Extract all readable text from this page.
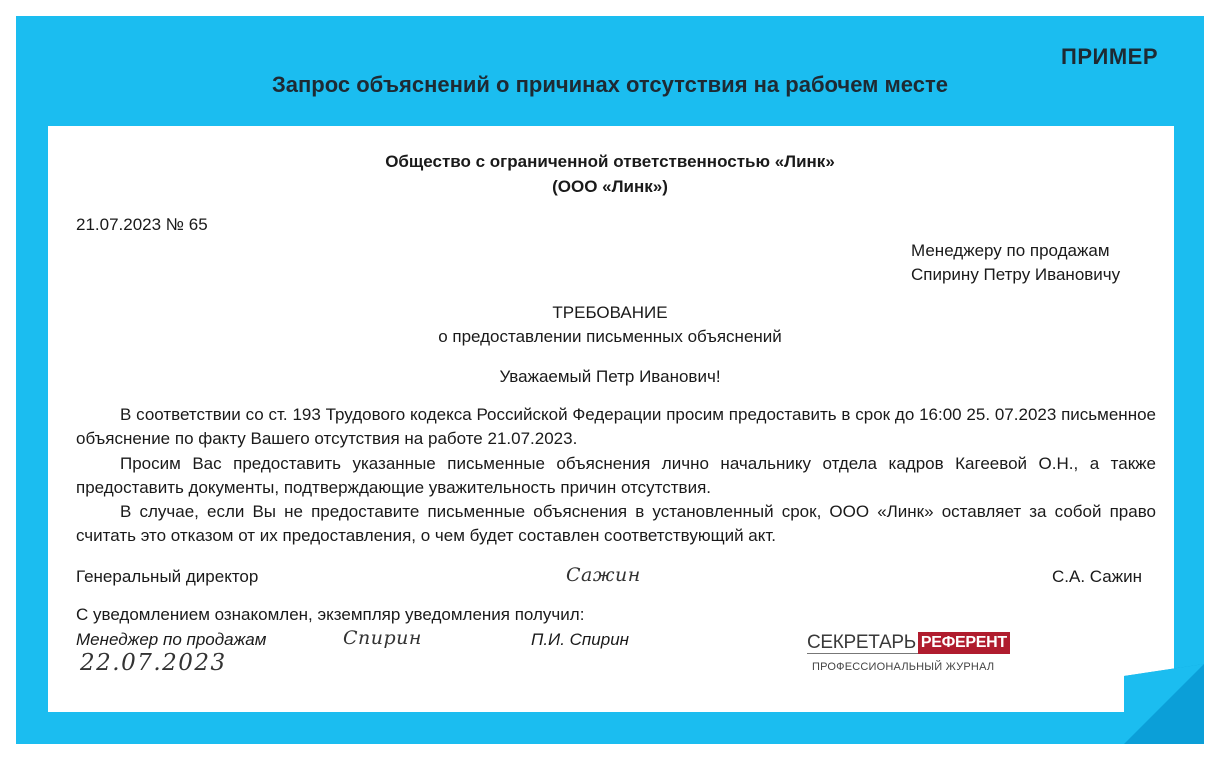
ПРИМЕР
Запрос объяснений о причинах отсутствия на рабочем месте
Общество с ограниченной ответственностью «Линк»
(ООО «Линк»)
21.07.2023 № 65
Менеджеру по продажам
Спирину Петру Ивановичу
ТРЕБОВАНИЕ
о предоставлении письменных объяснений
Уважаемый Петр Иванович!
В соответствии со ст. 193 Трудового кодекса Российской Федерации просим предоставить в срок до 16:00 25. 07.2023 письменное объяснение по факту Вашего отсутствия на работе 21.07.2023.
Просим Вас предоставить указанные письменные объяснения лично начальнику отдела кадров Кагеевой О.Н., а также предоставить документы, подтверждающие уважительность причин отсутствия.
В случае, если Вы не предоставите письменные объяснения в установленный срок, ООО «Линк» оставляет за собой право считать это отказом от их предоставления, о чем будет составлен соответствующий акт.
Генеральный директор	Сажин	С.А. Сажин
С уведомлением ознакомлен, экземпляр уведомления получил:
Менеджер по продажам	Спирин	П.И. Спирин
22.07.2023
СЕКРЕТАРЬ РЕФЕРЕНТ
ПРОФЕССИОНАЛЬНЫЙ ЖУРНАЛ
